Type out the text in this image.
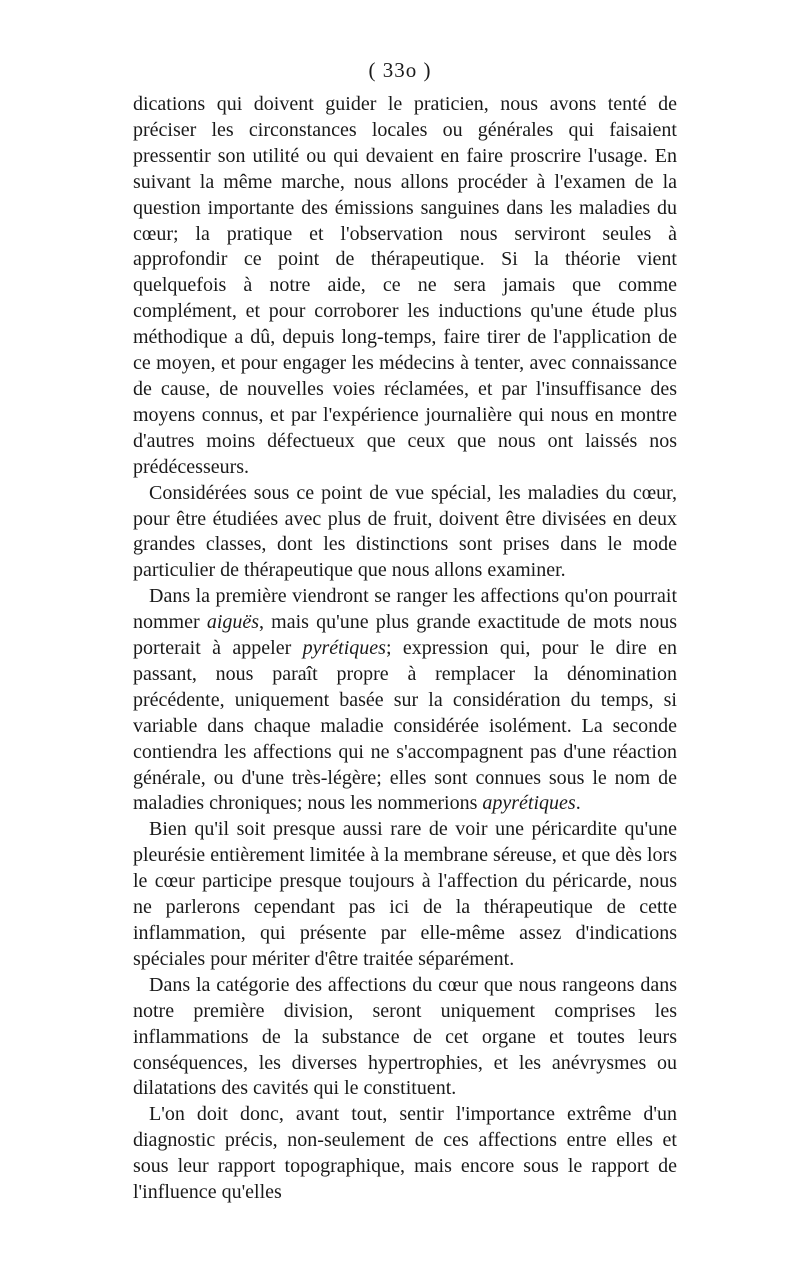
( 33o )

dications qui doivent guider le praticien, nous avons tenté de préciser les circonstances locales ou générales qui faisaient pressentir son utilité ou qui devaient en faire proscrire l'usage. En suivant la même marche, nous allons procéder à l'examen de la question importante des émissions sanguines dans les maladies du cœur; la pratique et l'observation nous serviront seules à approfondir ce point de thérapeutique. Si la théorie vient quelquefois à notre aide, ce ne sera jamais que comme complément, et pour corroborer les inductions qu'une étude plus méthodique a dû, depuis long-temps, faire tirer de l'application de ce moyen, et pour engager les médecins à tenter, avec connaissance de cause, de nouvelles voies réclamées, et par l'insuffisance des moyens connus, et par l'expérience journalière qui nous en montre d'autres moins défectueux que ceux que nous ont laissés nos prédécesseurs.

Considérées sous ce point de vue spécial, les maladies du cœur, pour être étudiées avec plus de fruit, doivent être divisées en deux grandes classes, dont les distinctions sont prises dans le mode particulier de thérapeutique que nous allons examiner.

Dans la première viendront se ranger les affections qu'on pourrait nommer aiguës, mais qu'une plus grande exactitude de mots nous porterait à appeler pyrétiques; expression qui, pour le dire en passant, nous paraît propre à remplacer la dénomination précédente, uniquement basée sur la considération du temps, si variable dans chaque maladie considérée isolément. La seconde contiendra les affections qui ne s'accompagnent pas d'une réaction générale, ou d'une très-légère; elles sont connues sous le nom de maladies chroniques; nous les nommerions apyrétiques.

Bien qu'il soit presque aussi rare de voir une péricardite qu'une pleurésie entièrement limitée à la membrane séreuse, et que dès lors le cœur participe presque toujours à l'affection du péricarde, nous ne parlerons cependant pas ici de la thérapeutique de cette inflammation, qui présente par elle-même assez d'indications spéciales pour mériter d'être traitée séparément.

Dans la catégorie des affections du cœur que nous rangeons dans notre première division, seront uniquement comprises les inflammations de la substance de cet organe et toutes leurs conséquences, les diverses hypertrophies, et les anévrysmes ou dilatations des cavités qui le constituent.

L'on doit donc, avant tout, sentir l'importance extrême d'un diagnostic précis, non-seulement de ces affections entre elles et sous leur rapport topographique, mais encore sous le rapport de l'influence qu'elles
